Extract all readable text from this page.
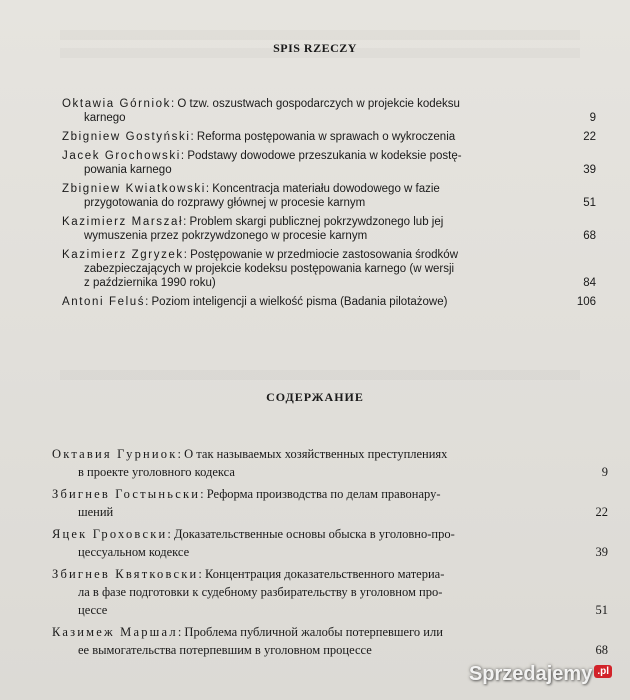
SPIS RZECZY
Oktawia Górniok: O tzw. oszustwach gospodarczych w projekcie kodeksu
karnego	9
Zbigniew Gostyński: Reforma postępowania w sprawach o wykroczenia	22
Jacek Grochowski: Podstawy dowodowe przeszukania w kodeksie postę-
powania karnego	39
Zbigniew Kwiatkowski: Koncentracja materiału dowodowego w fazie
przygotowania do rozprawy głównej w procesie karnym	51
Kazimierz Marszał: Problem skargi publicznej pokrzywdzonego lub jej
wymuszenia przez pokrzywdzonego w procesie karnym	68
Kazimierz Zgryzek: Postępowanie w przedmiocie zastosowania środków
zabezpieczających w projekcie kodeksu postępowania karnego (w wersji
z października 1990 roku)	84
Antoni Feluś: Poziom inteligencji a wielkość pisma (Badania pilotażowe)	106
СОДЕРЖАНИЕ
Октавия Гурниок: О так называемых хозяйственных преступлениях
в проекте уголовного кодекса	9
Збигнев Гостыньски: Реформа производства по делам правонару-
шений	22
Яцек Гроховски: Доказательственные основы обыска в уголовно-про-
цессуальном кодексе	39
Збигнев Квятковски: Концентрация доказательственного материа-
ла в фазе подготовки к судебному разбирательству в уголовном про-
цессе	51
Казимеж Маршал: Проблема публичной жалобы потерпевшего или
ее вымогательства потерпевшим в уголовном процессе	68
Sprzedajemy .pl
